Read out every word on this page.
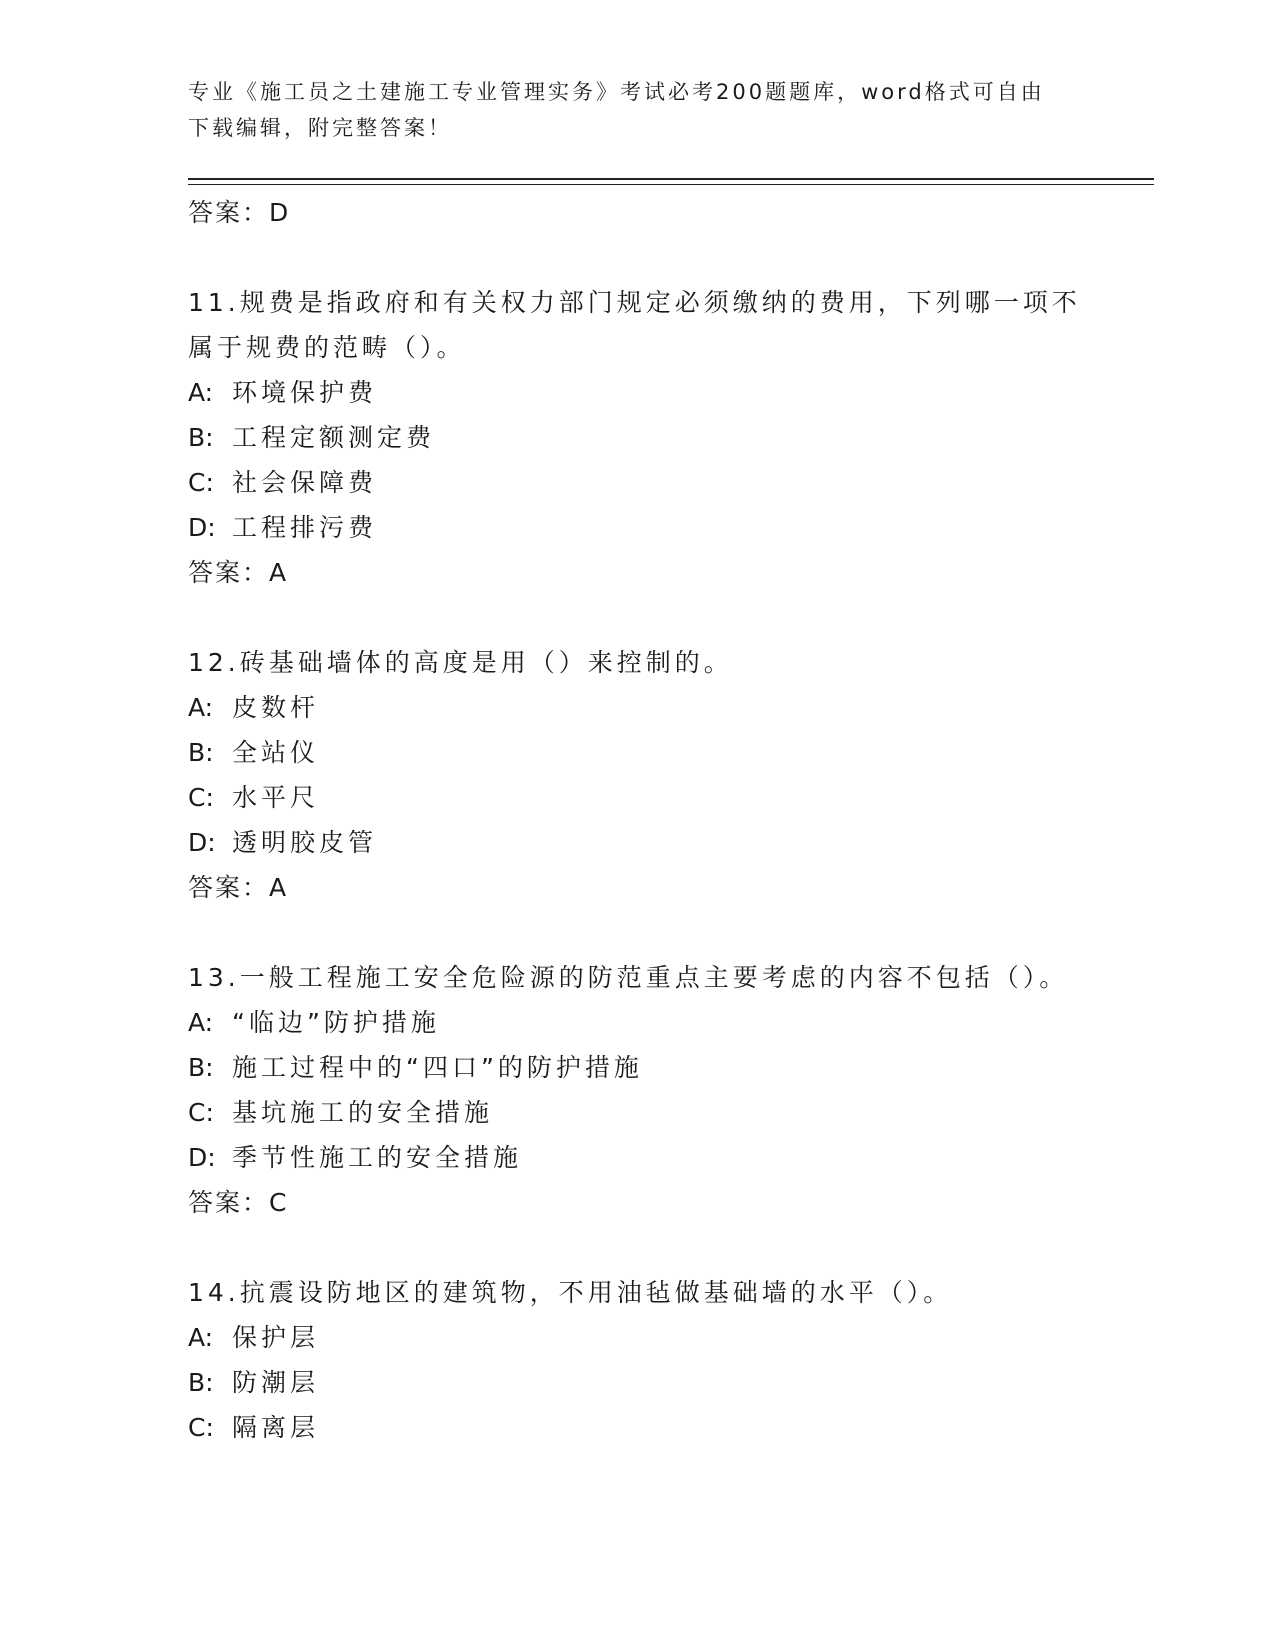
专业《施工员之土建施工专业管理实务》考试必考200题题库，word格式可自由
下载编辑，附完整答案！
答案：D
11.规费是指政府和有关权力部门规定必须缴纳的费用，下列哪一项不
属于规费的范畴（）。
A: 环境保护费
B: 工程定额测定费
C: 社会保障费
D: 工程排污费
答案：A
12.砖基础墙体的高度是用（）来控制的。
A: 皮数杆
B: 全站仪
C: 水平尺
D: 透明胶皮管
答案：A
13.一般工程施工安全危险源的防范重点主要考虑的内容不包括（）。
A: “临边”防护措施
B: 施工过程中的“四口”的防护措施
C: 基坑施工的安全措施
D: 季节性施工的安全措施
答案：C
14.抗震设防地区的建筑物，不用油毡做基础墙的水平（）。
A: 保护层
B: 防潮层
C: 隔离层
